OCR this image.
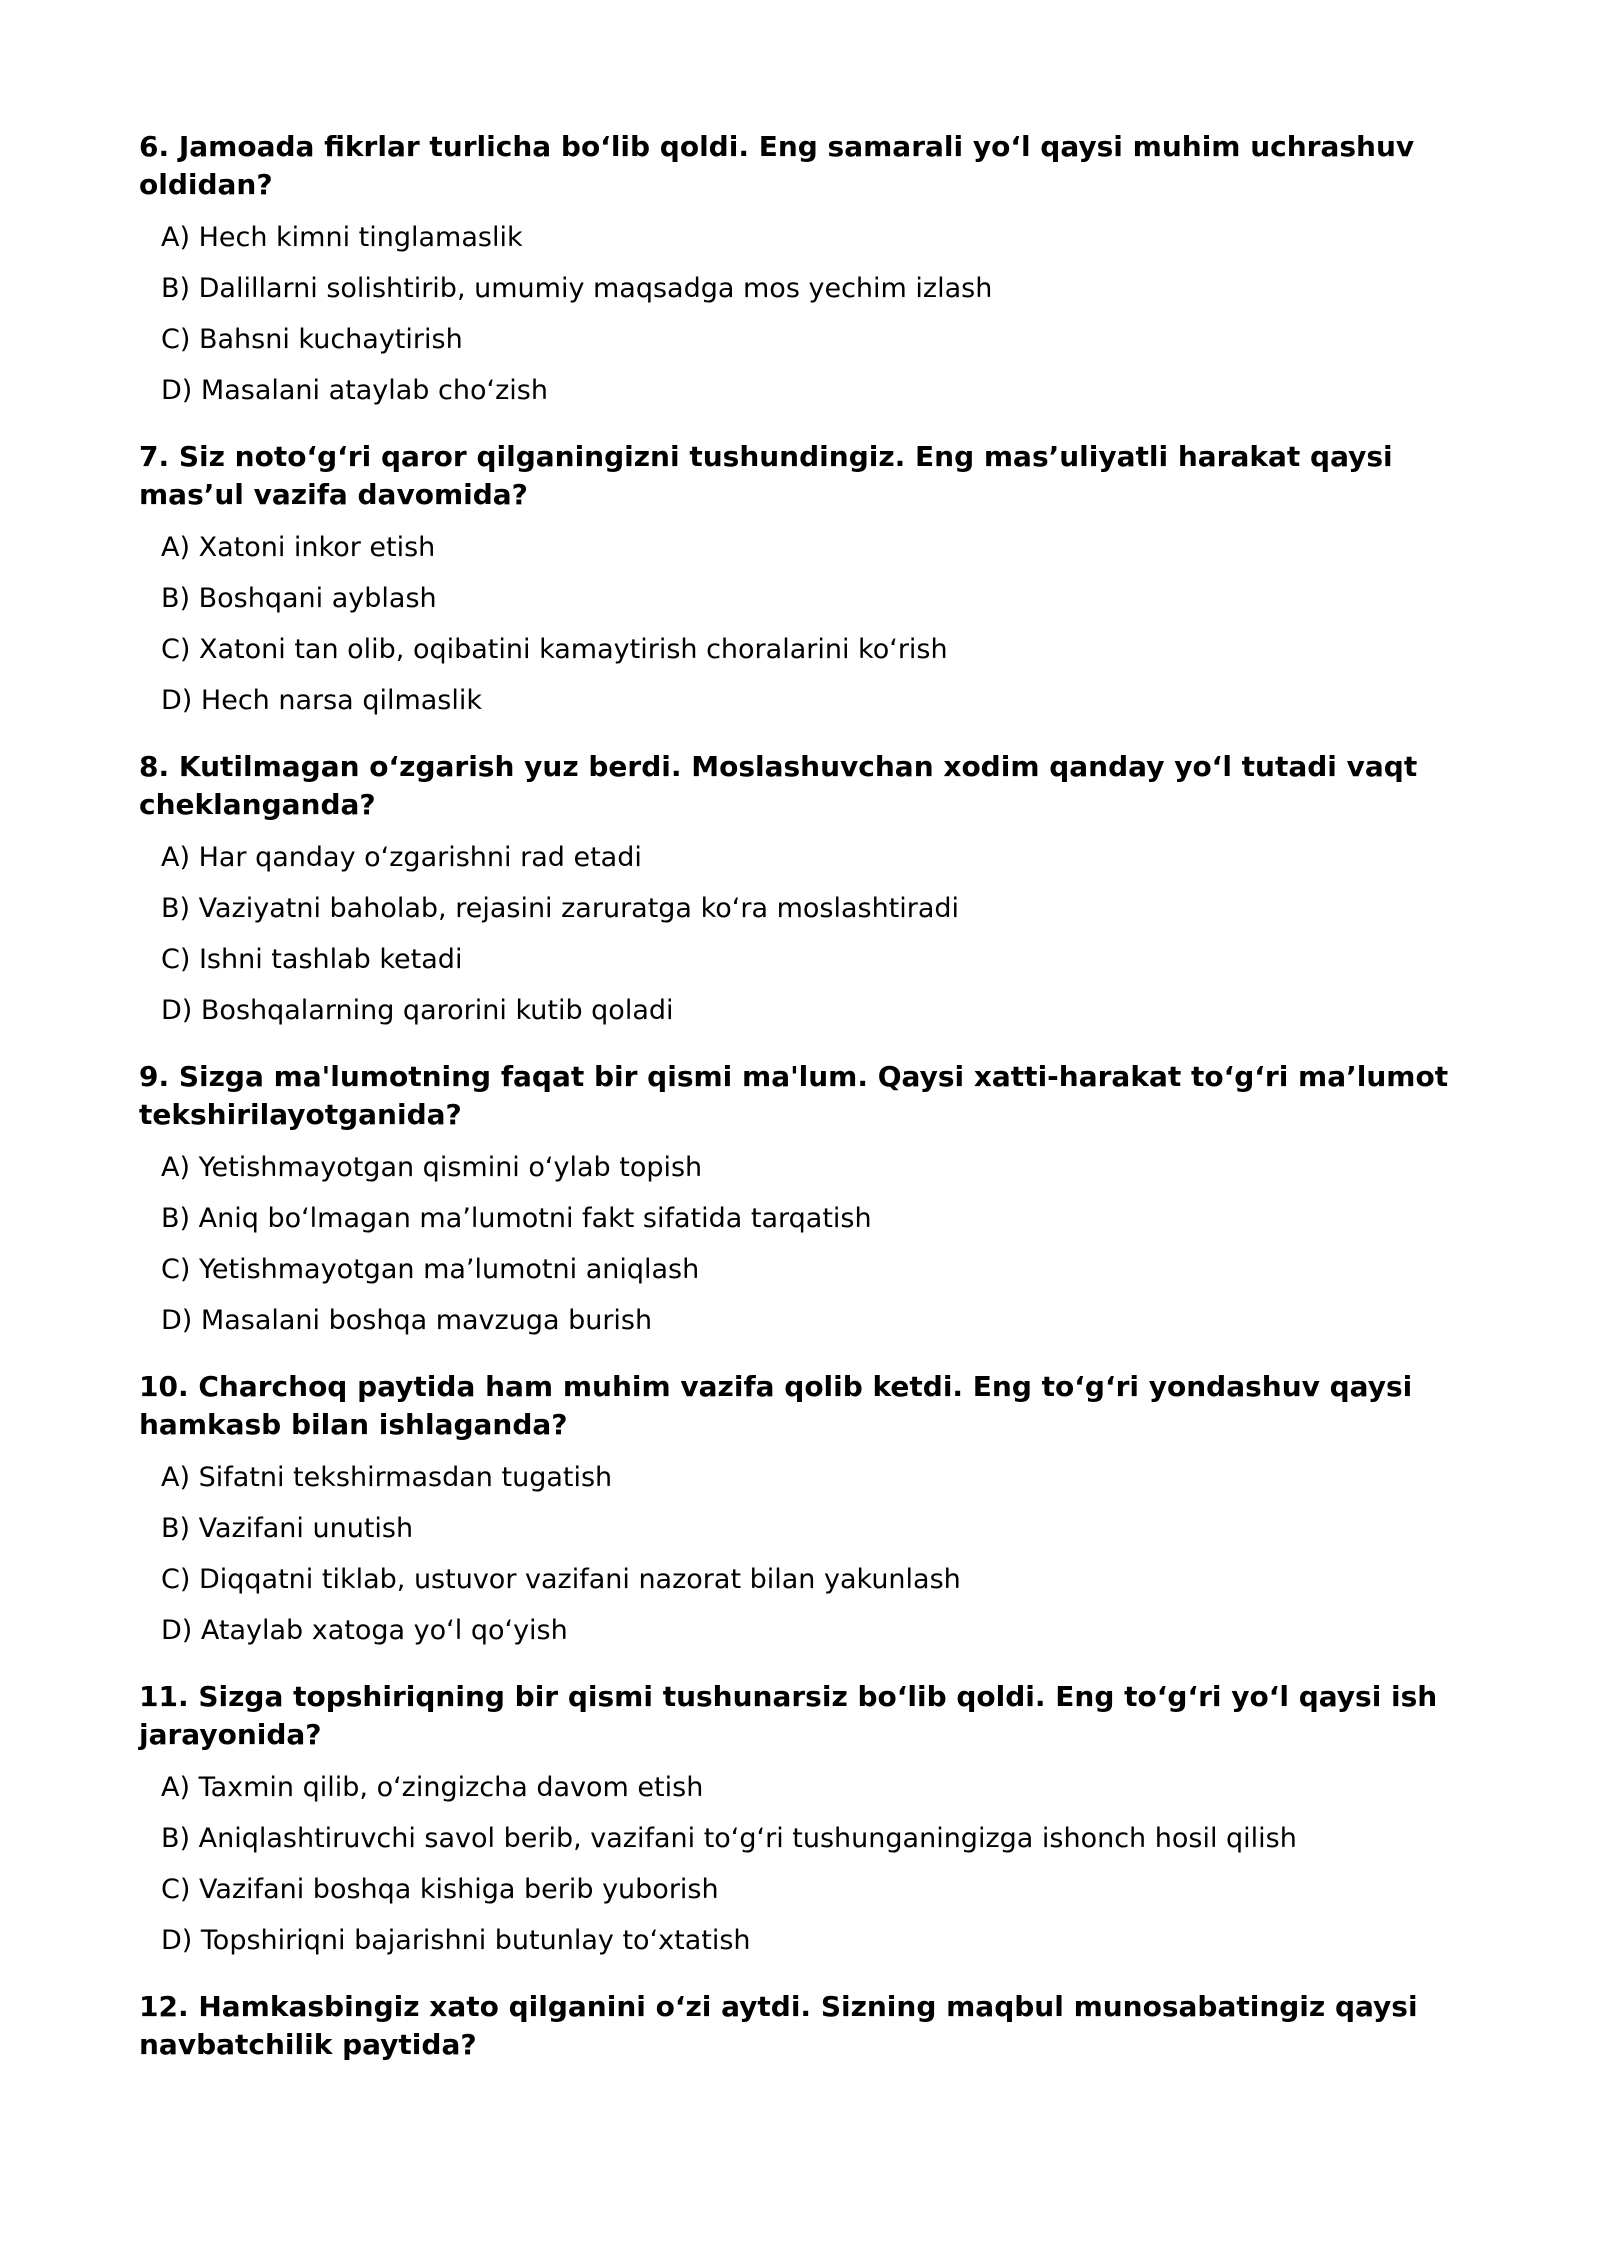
6. Jamoada fikrlar turlicha bo‘lib qoldi. Eng samarali yo‘l qaysi muhim uchrashuv oldidan?
A) Hech kimni tinglamaslik
B) Dalillarni solishtirib, umumiy maqsadga mos yechim izlash
C) Bahsni kuchaytirish
D) Masalani ataylab cho‘zish
7. Siz noto‘g‘ri qaror qilganingizni tushundingiz. Eng mas’uliyatli harakat qaysi mas’ul vazifa davomida?
A) Xatoni inkor etish
B) Boshqani ayblash
C) Xatoni tan olib, oqibatini kamaytirish choralarini ko‘rish
D) Hech narsa qilmaslik
8. Kutilmagan o‘zgarish yuz berdi. Moslashuvchan xodim qanday yo‘l tutadi vaqt cheklanganda?
A) Har qanday o‘zgarishni rad etadi
B) Vaziyatni baholab, rejasini zaruratga ko‘ra moslashtiradi
C) Ishni tashlab ketadi
D) Boshqalarning qarorini kutib qoladi
9. Sizga ma'lumotning faqat bir qismi ma'lum. Qaysi xatti-harakat to‘g‘ri ma’lumot tekshirilayotganida?
A) Yetishmayotgan qismini o‘ylab topish
B) Aniq bo‘lmagan ma’lumotni fakt sifatida tarqatish
C) Yetishmayotgan ma’lumotni aniqlash
D) Masalani boshqa mavzuga burish
10. Charchoq paytida ham muhim vazifa qolib ketdi. Eng to‘g‘ri yondashuv qaysi hamkasb bilan ishlaganda?
A) Sifatni tekshirmasdan tugatish
B) Vazifani unutish
C) Diqqatni tiklab, ustuvor vazifani nazorat bilan yakunlash
D) Ataylab xatoga yo‘l qo‘yish
11. Sizga topshiriqning bir qismi tushunarsiz bo‘lib qoldi. Eng to‘g‘ri yo‘l qaysi ish jarayonida?
A) Taxmin qilib, o‘zingizcha davom etish
B) Aniqlashtiruvchi savol berib, vazifani to‘g‘ri tushunganingizga ishonch hosil qilish
C) Vazifani boshqa kishiga berib yuborish
D) Topshiriqni bajarishni butunlay to‘xtatish
12. Hamkasbingiz xato qilganini o‘zi aytdi. Sizning maqbul munosabatingiz qaysi navbatchilik paytida?
